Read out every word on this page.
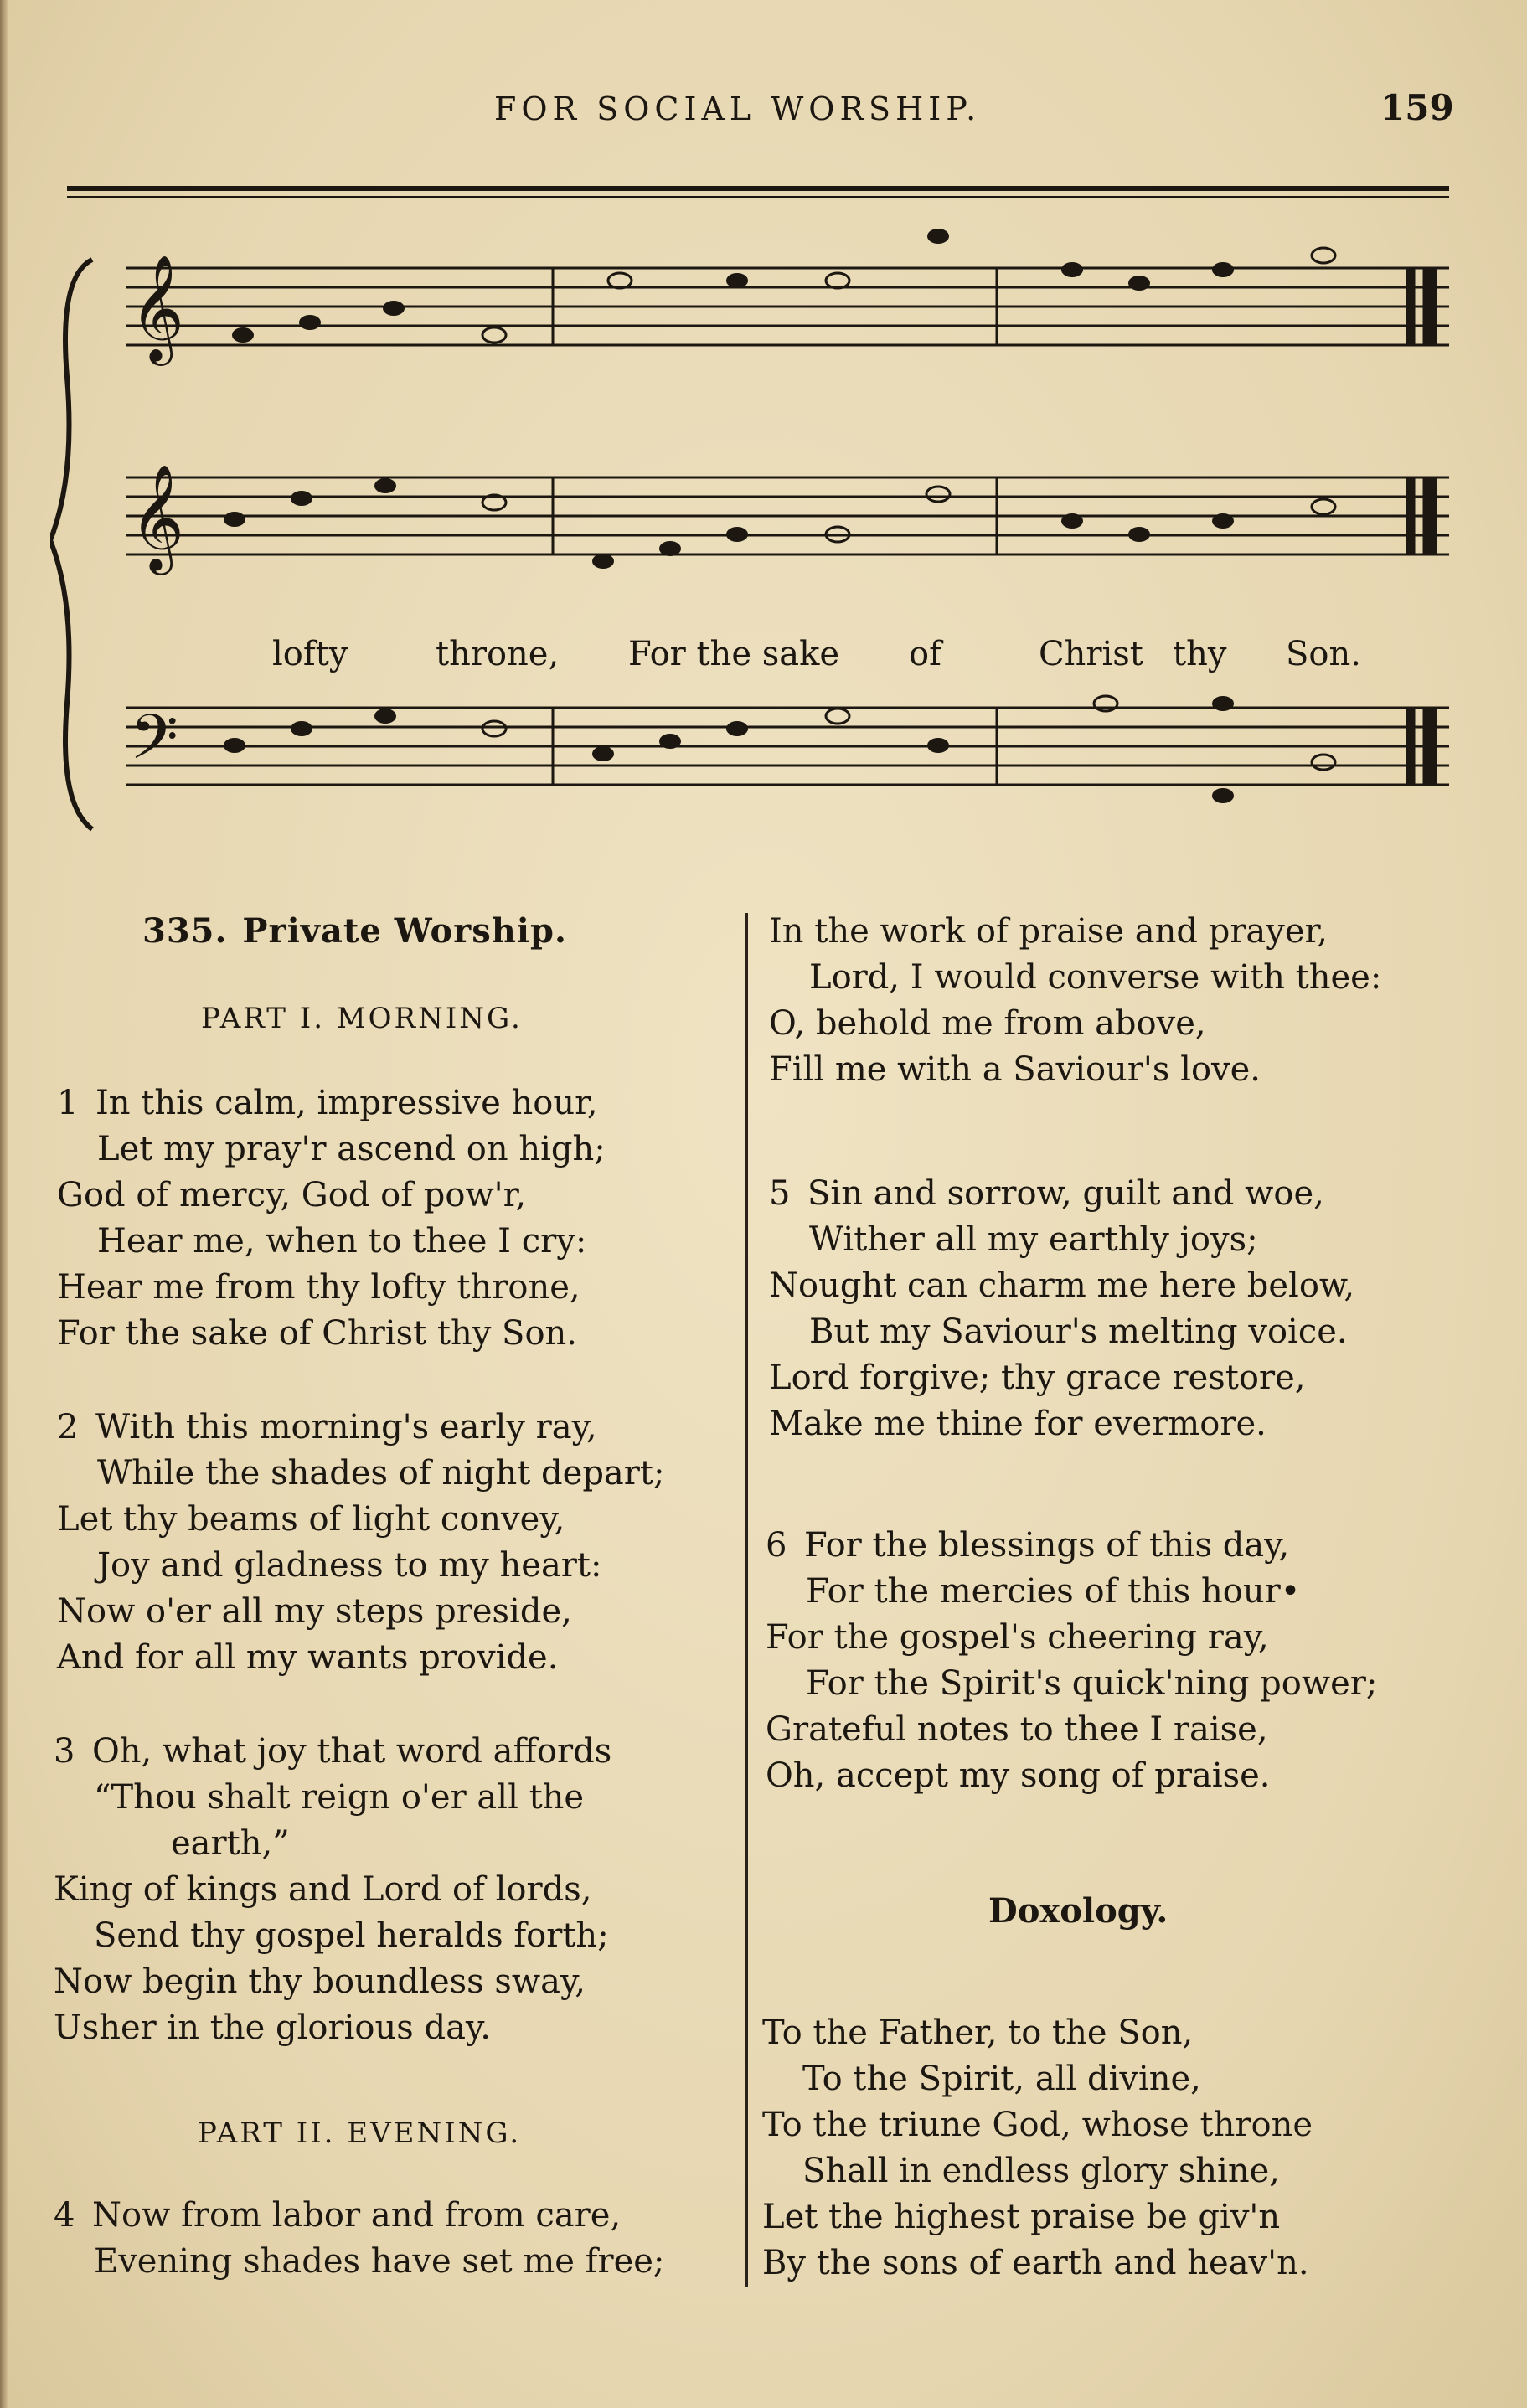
FOR SOCIAL WORSHIP.	159
𝄞
𝄞
𝄢
lofty	throne, For the sake of	Christ thy Son.
335. Private Worship.
PART I. MORNING.
1 In this calm, impressive hour,
Let my pray'r ascend on high;
God of mercy, God of pow'r,
Hear me, when to thee I cry:
Hear me from thy lofty throne,
For the sake of Christ thy Son.
2 With this morning's early ray,
While the shades of night depart;
Let thy beams of light convey,
Joy and gladness to my heart:
Now o'er all my steps preside,
And for all my wants provide.
3 Oh, what joy that word affords
“Thou shalt reign o'er all the
earth,”
King of kings and Lord of lords,
Send thy gospel heralds forth;
Now begin thy boundless sway,
Usher in the glorious day.
PART II. EVENING.
4 Now from labor and from care,
Evening shades have set me free;
In the work of praise and prayer,
Lord, I would converse with thee:
O, behold me from above,
Fill me with a Saviour's love.
5 Sin and sorrow, guilt and woe,
Wither all my earthly joys;
Nought can charm me here below,
But my Saviour's melting voice.
Lord forgive; thy grace restore,
Make me thine for evermore.
6 For the blessings of this day,
For the mercies of this hour•
For the gospel's cheering ray,
For the Spirit's quick'ning power;
Grateful notes to thee I raise,
Oh, accept my song of praise.
Doxology.
To the Father, to the Son,
To the Spirit, all divine,
To the triune God, whose throne
Shall in endless glory shine,
Let the highest praise be giv'n
By the sons of earth and heav'n.
